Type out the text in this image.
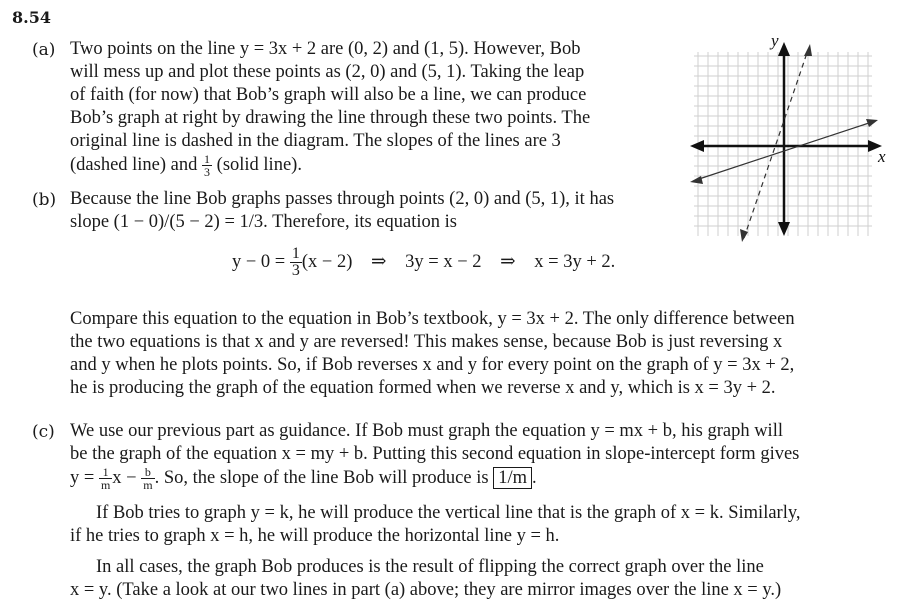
8.54
(a) Two points on the line y = 3x + 2 are (0, 2) and (1, 5). However, Bob
will mess up and plot these points as (2, 0) and (5, 1). Taking the leap
of faith (for now) that Bob’s graph will also be a line, we can produce
Bob’s graph at right by drawing the line through these two points. The
original line is dashed in the diagram. The slopes of the lines are 3
(dashed line) and $\frac{1}{3}$ (solid line).
y
x
(b) Because the line Bob graphs passes through points (2, 0) and (5, 1), it has
slope (1 − 0)/(5 − 2) = 1/3. Therefore, its equation is
$y - 0 = \frac{1}{3} (x - 2)$ ⇒ 3y = x − 2 ⇒ x = 3y + 2.
Compare this equation to the equation in Bob’s textbook, y = 3x + 2. The only difference between
the two equations is that x and y are reversed! This makes sense, because Bob is just reversing x
and y when he plots points. So, if Bob reverses x and y for every point on the graph of y = 3x + 2,
he is producing the graph of the equation formed when we reverse x and y, which is x = 3y + 2.
(c) We use our previous part as guidance. If Bob must graph the equation y = mx + b, his graph will
be the graph of the equation x = my + b. Putting this second equation in slope-intercept form gives
$y = \frac{1}{m}$ $x - \frac{b}{m}$ . So, the slope of the line Bob will produce is 1/m .
If Bob tries to graph y = k, he will produce the vertical line that is the graph of x = k. Similarly,
if he tries to graph x = h, he will produce the horizontal line y = h.
In all cases, the graph Bob produces is the result of flipping the correct graph over the line
x = y. (Take a look at our two lines in part (a) above; they are mirror images over the line x = y.)
